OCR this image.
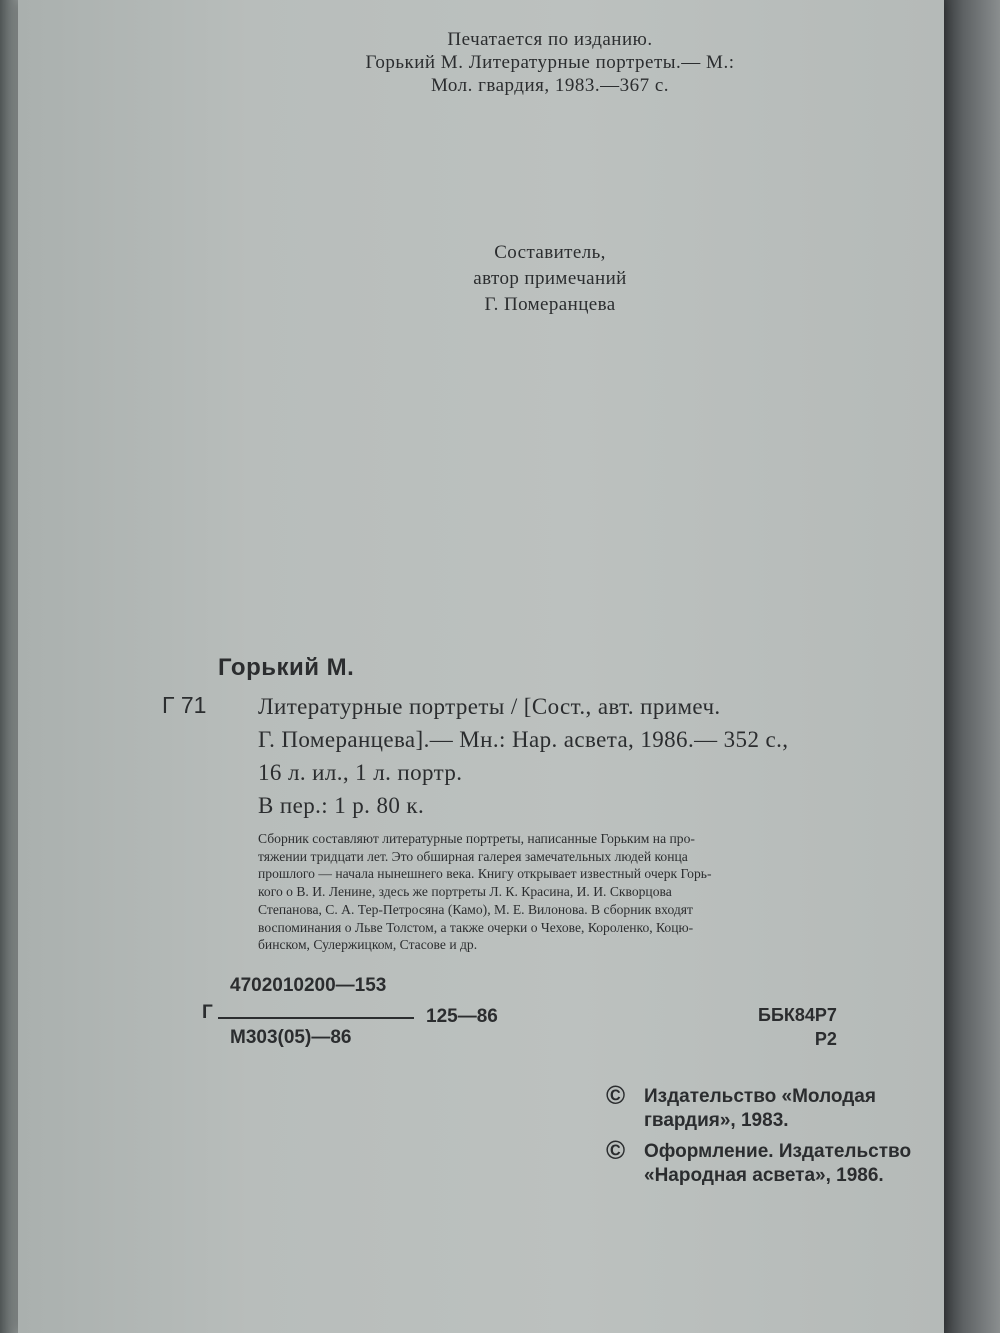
Печатается по изданию.
Горький М. Литературные портреты.— М.:
Мол. гвардия, 1983.—367 с.
Составитель,
автор примечаний
Г. Померанцева
Горький М.
Г 71 Литературные портреты / [Сост., авт. примеч.
Г. Померанцева].— Мн.: Нар. асвета, 1986.— 352 с.,
16 л. ил., 1 л. портр.
В пер.: 1 р. 80 к.
Сборник составляют литературные портреты, написанные Горьким на про-
тяжении тридцати лет. Это обширная галерея замечательных людей конца
прошлого — начала нынешнего века. Книгу открывает известный очерк Горь-
кого о В. И. Ленине, здесь же портреты Л. К. Красина, И. И. Скворцова
Степанова, С. А. Тер-Петросяна (Камо), М. Е. Вилонова. В сборник входят
воспоминания о Льве Толстом, а также очерки о Чехове, Короленко, Коцю-
бинском, Сулержицком, Стасове и др.
4702010200—153
Г	125—86
М303(05)—86
ББК84Р7
Р2
© Издательство «Молодая
гвардия», 1983.
© Оформление. Издательство
«Народная асвета», 1986.
